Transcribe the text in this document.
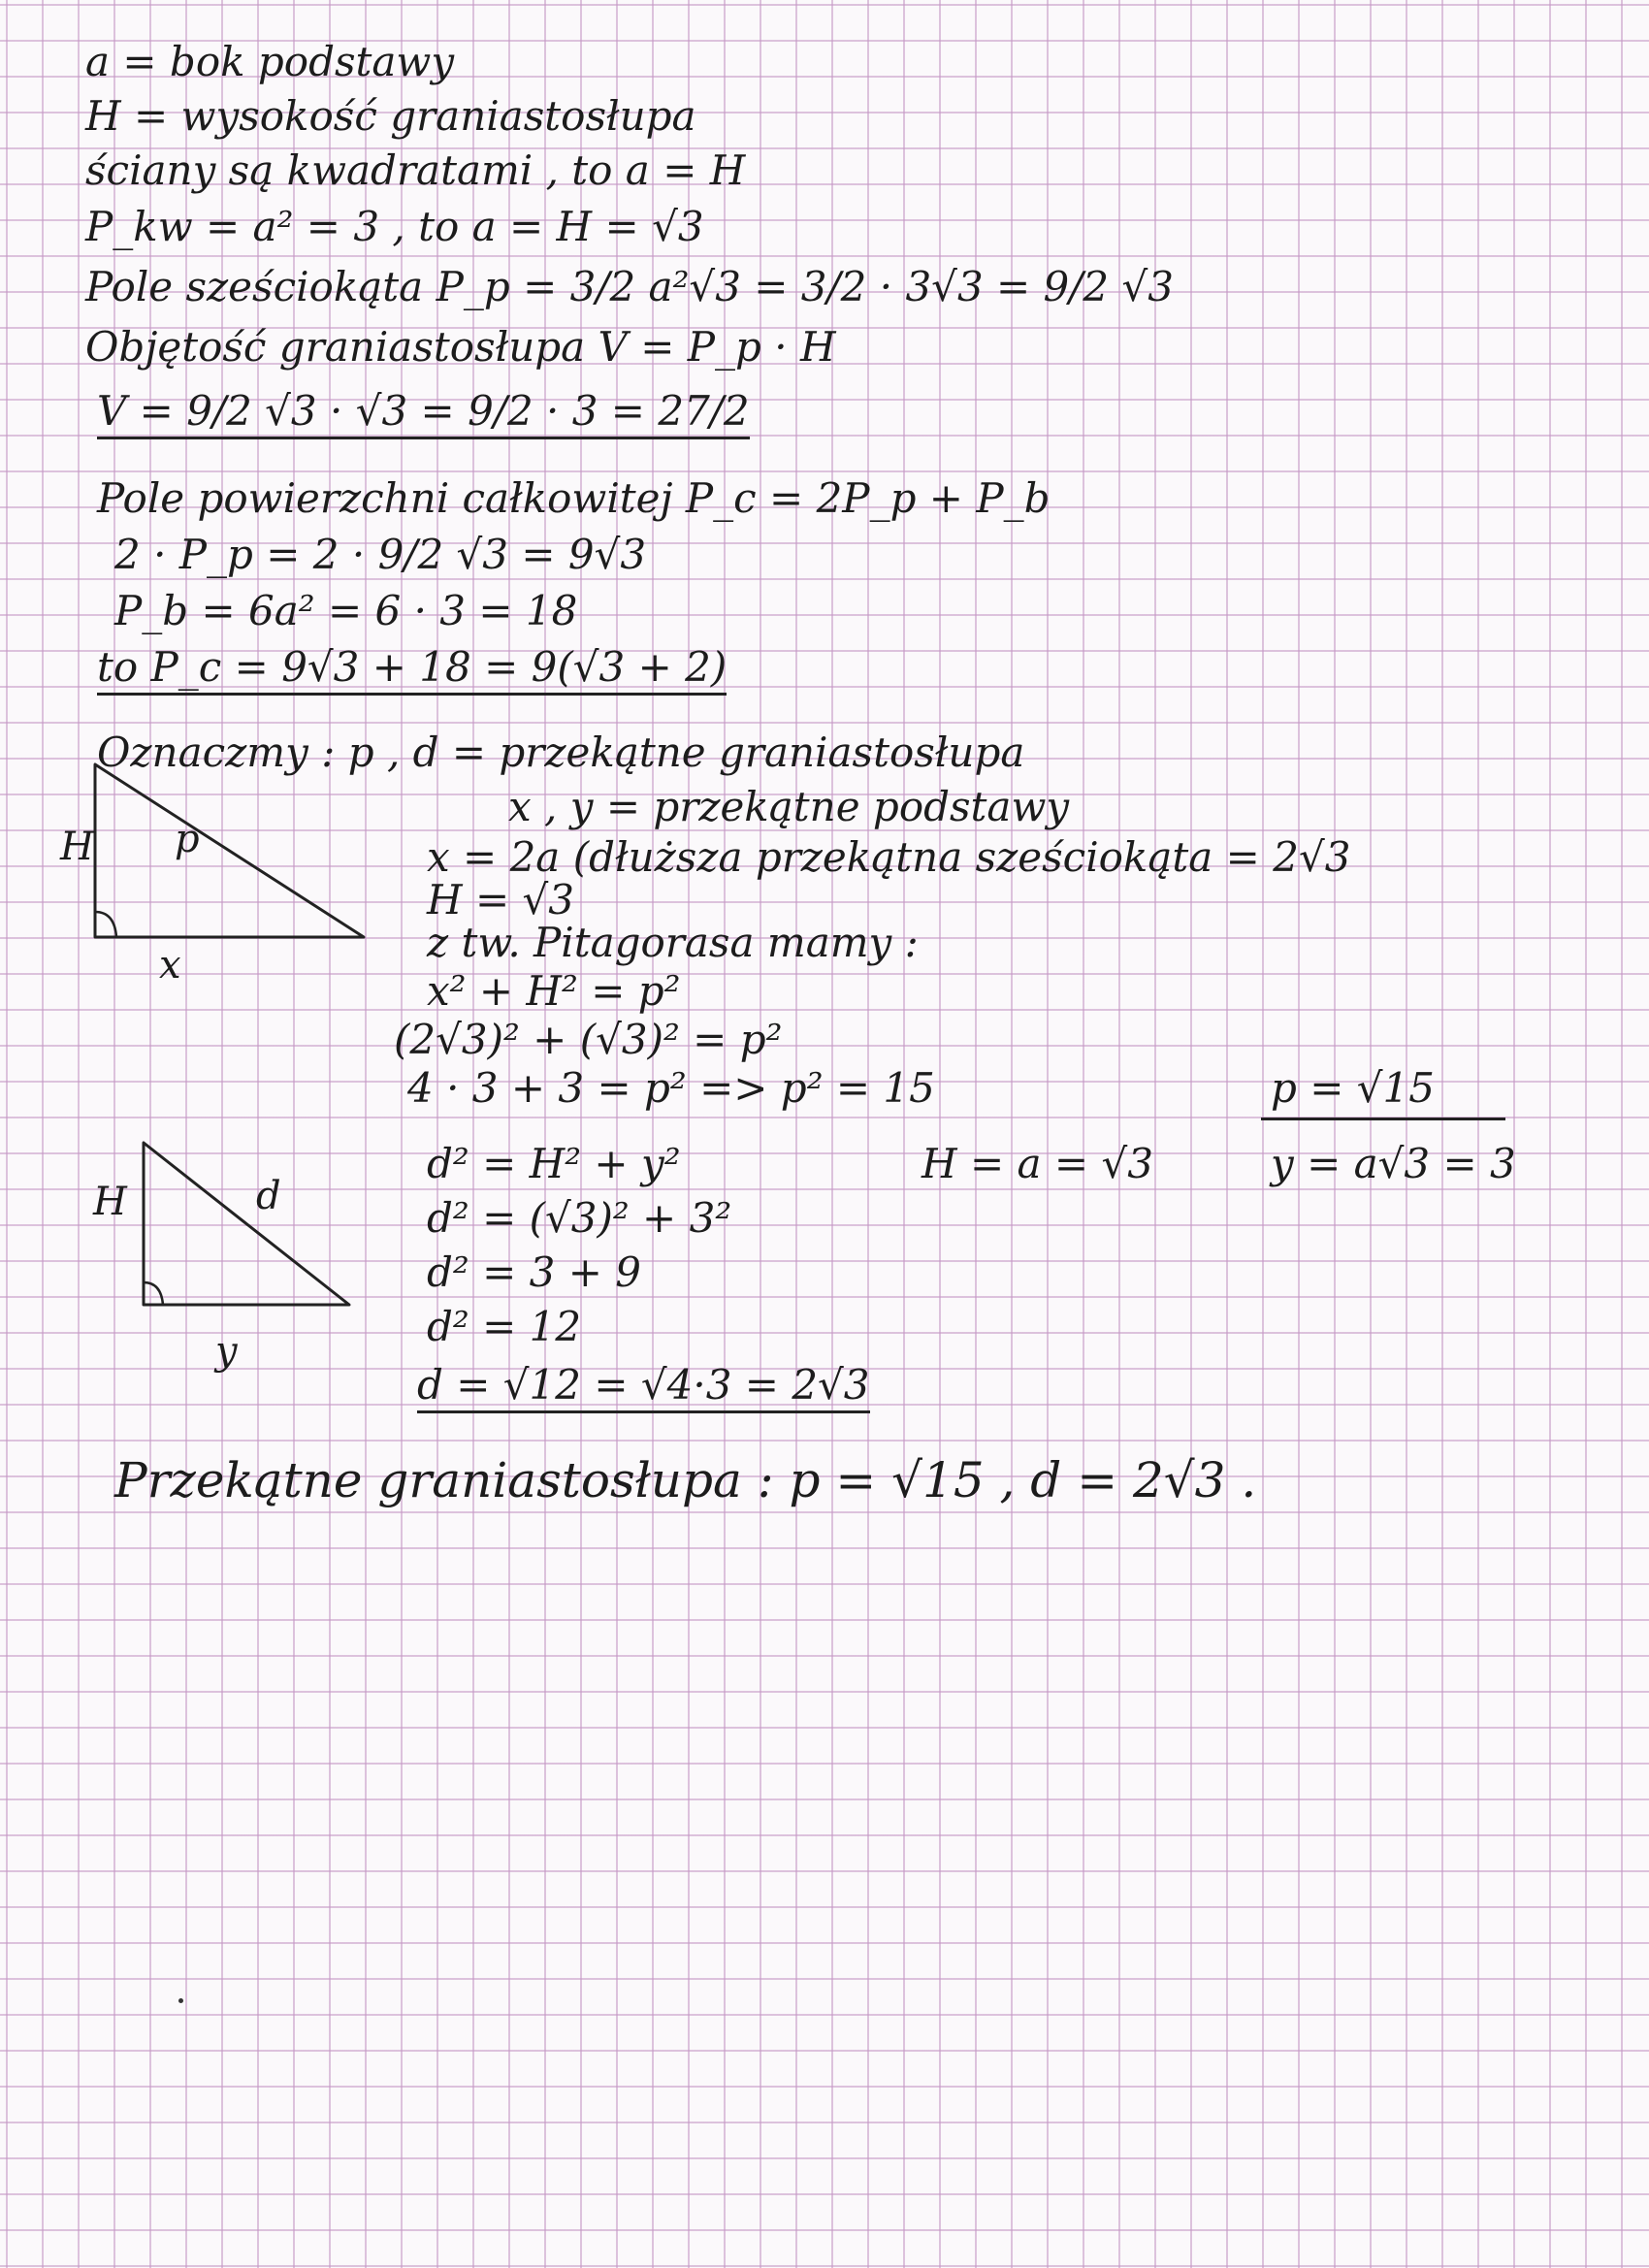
a = bok podstawy

H = wysokość graniastosłupa

ściany są kwadratami , to a = H

P_kw = a² = 3 , to a = H = √3

Pole sześciokąta P_p = 3/2 a²√3 = 3/2 · 3√3 = 9/2 √3

Objętość graniastosłupa V = P_p · H

V = 9/2 √3 · √3 = 9/2 · 3 = 27/2

Pole powierzchni całkowitej P_c = 2P_p + P_b

2 · P_p = 2 · 9/2 √3 = 9√3

P_b = 6a² = 6 · 3 = 18

to P_c = 9√3 + 18 = 9(√3 + 2)

Oznaczmy : p , d = przekątne graniastosłupa

x , y = przekątne podstawy

H p
x

x = 2a (dłuższa przekątna sześciokąta = 2√3

H = √3

z tw. Pitagorasa mamy :

x² + H² = p²

(2√3)² + (√3)² = p²

4 · 3 + 3 = p² => p² = 15	p = √15

H	d
y

d² = H² + y²	H = a = √3	y = a√3 = 3

d² = (√3)² + 3²

d² = 3 + 9

d² = 12

d = √12 = √4·3 = 2√3

Przekątne graniastosłupa : p = √15 , d = 2√3 .
